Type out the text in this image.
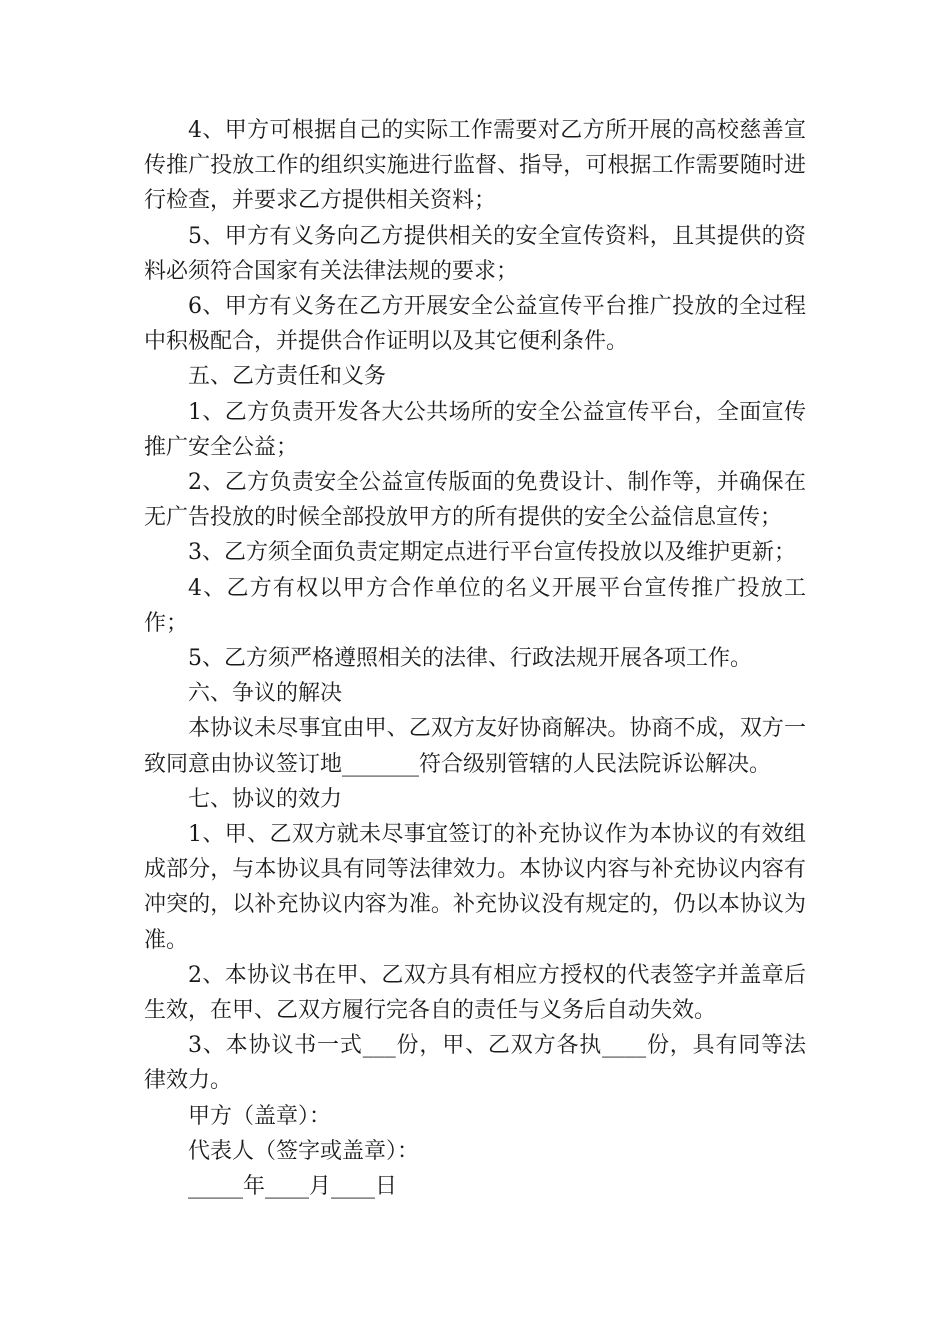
4、甲方可根据自己的实际工作需要对乙方所开展的高校慈善宣传推广投放工作的组织实施进行监督、指导，可根据工作需要随时进行检查，并要求乙方提供相关资料；

5、甲方有义务向乙方提供相关的安全宣传资料，且其提供的资料必须符合国家有关法律法规的要求；

6、甲方有义务在乙方开展安全公益宣传平台推广投放的全过程中积极配合，并提供合作证明以及其它便利条件。

五、乙方责任和义务

1、乙方负责开发各大公共场所的安全公益宣传平台，全面宣传推广安全公益；

2、乙方负责安全公益宣传版面的免费设计、制作等，并确保在无广告投放的时候全部投放甲方的所有提供的安全公益信息宣传；

3、乙方须全面负责定期定点进行平台宣传投放以及维护更新；

4、乙方有权以甲方合作单位的名义开展平台宣传推广投放工作；

5、乙方须严格遵照相关的法律、行政法规开展各项工作。

六、争议的解决

本协议未尽事宜由甲、乙双方友好协商解决。协商不成，双方一致同意由协议签订地_______符合级别管辖的人民法院诉讼解决。

七、协议的效力

1、甲、乙双方就未尽事宜签订的补充协议作为本协议的有效组成部分，与本协议具有同等法律效力。本协议内容与补充协议内容有冲突的，以补充协议内容为准。补充协议没有规定的，仍以本协议为准。

2、本协议书在甲、乙双方具有相应方授权的代表签字并盖章后生效，在甲、乙双方履行完各自的责任与义务后自动失效。

3、本协议书一式___份，甲、乙双方各执____份，具有同等法律效力。

甲方（盖章）：

代表人（签字或盖章）：

_____年____月____日
